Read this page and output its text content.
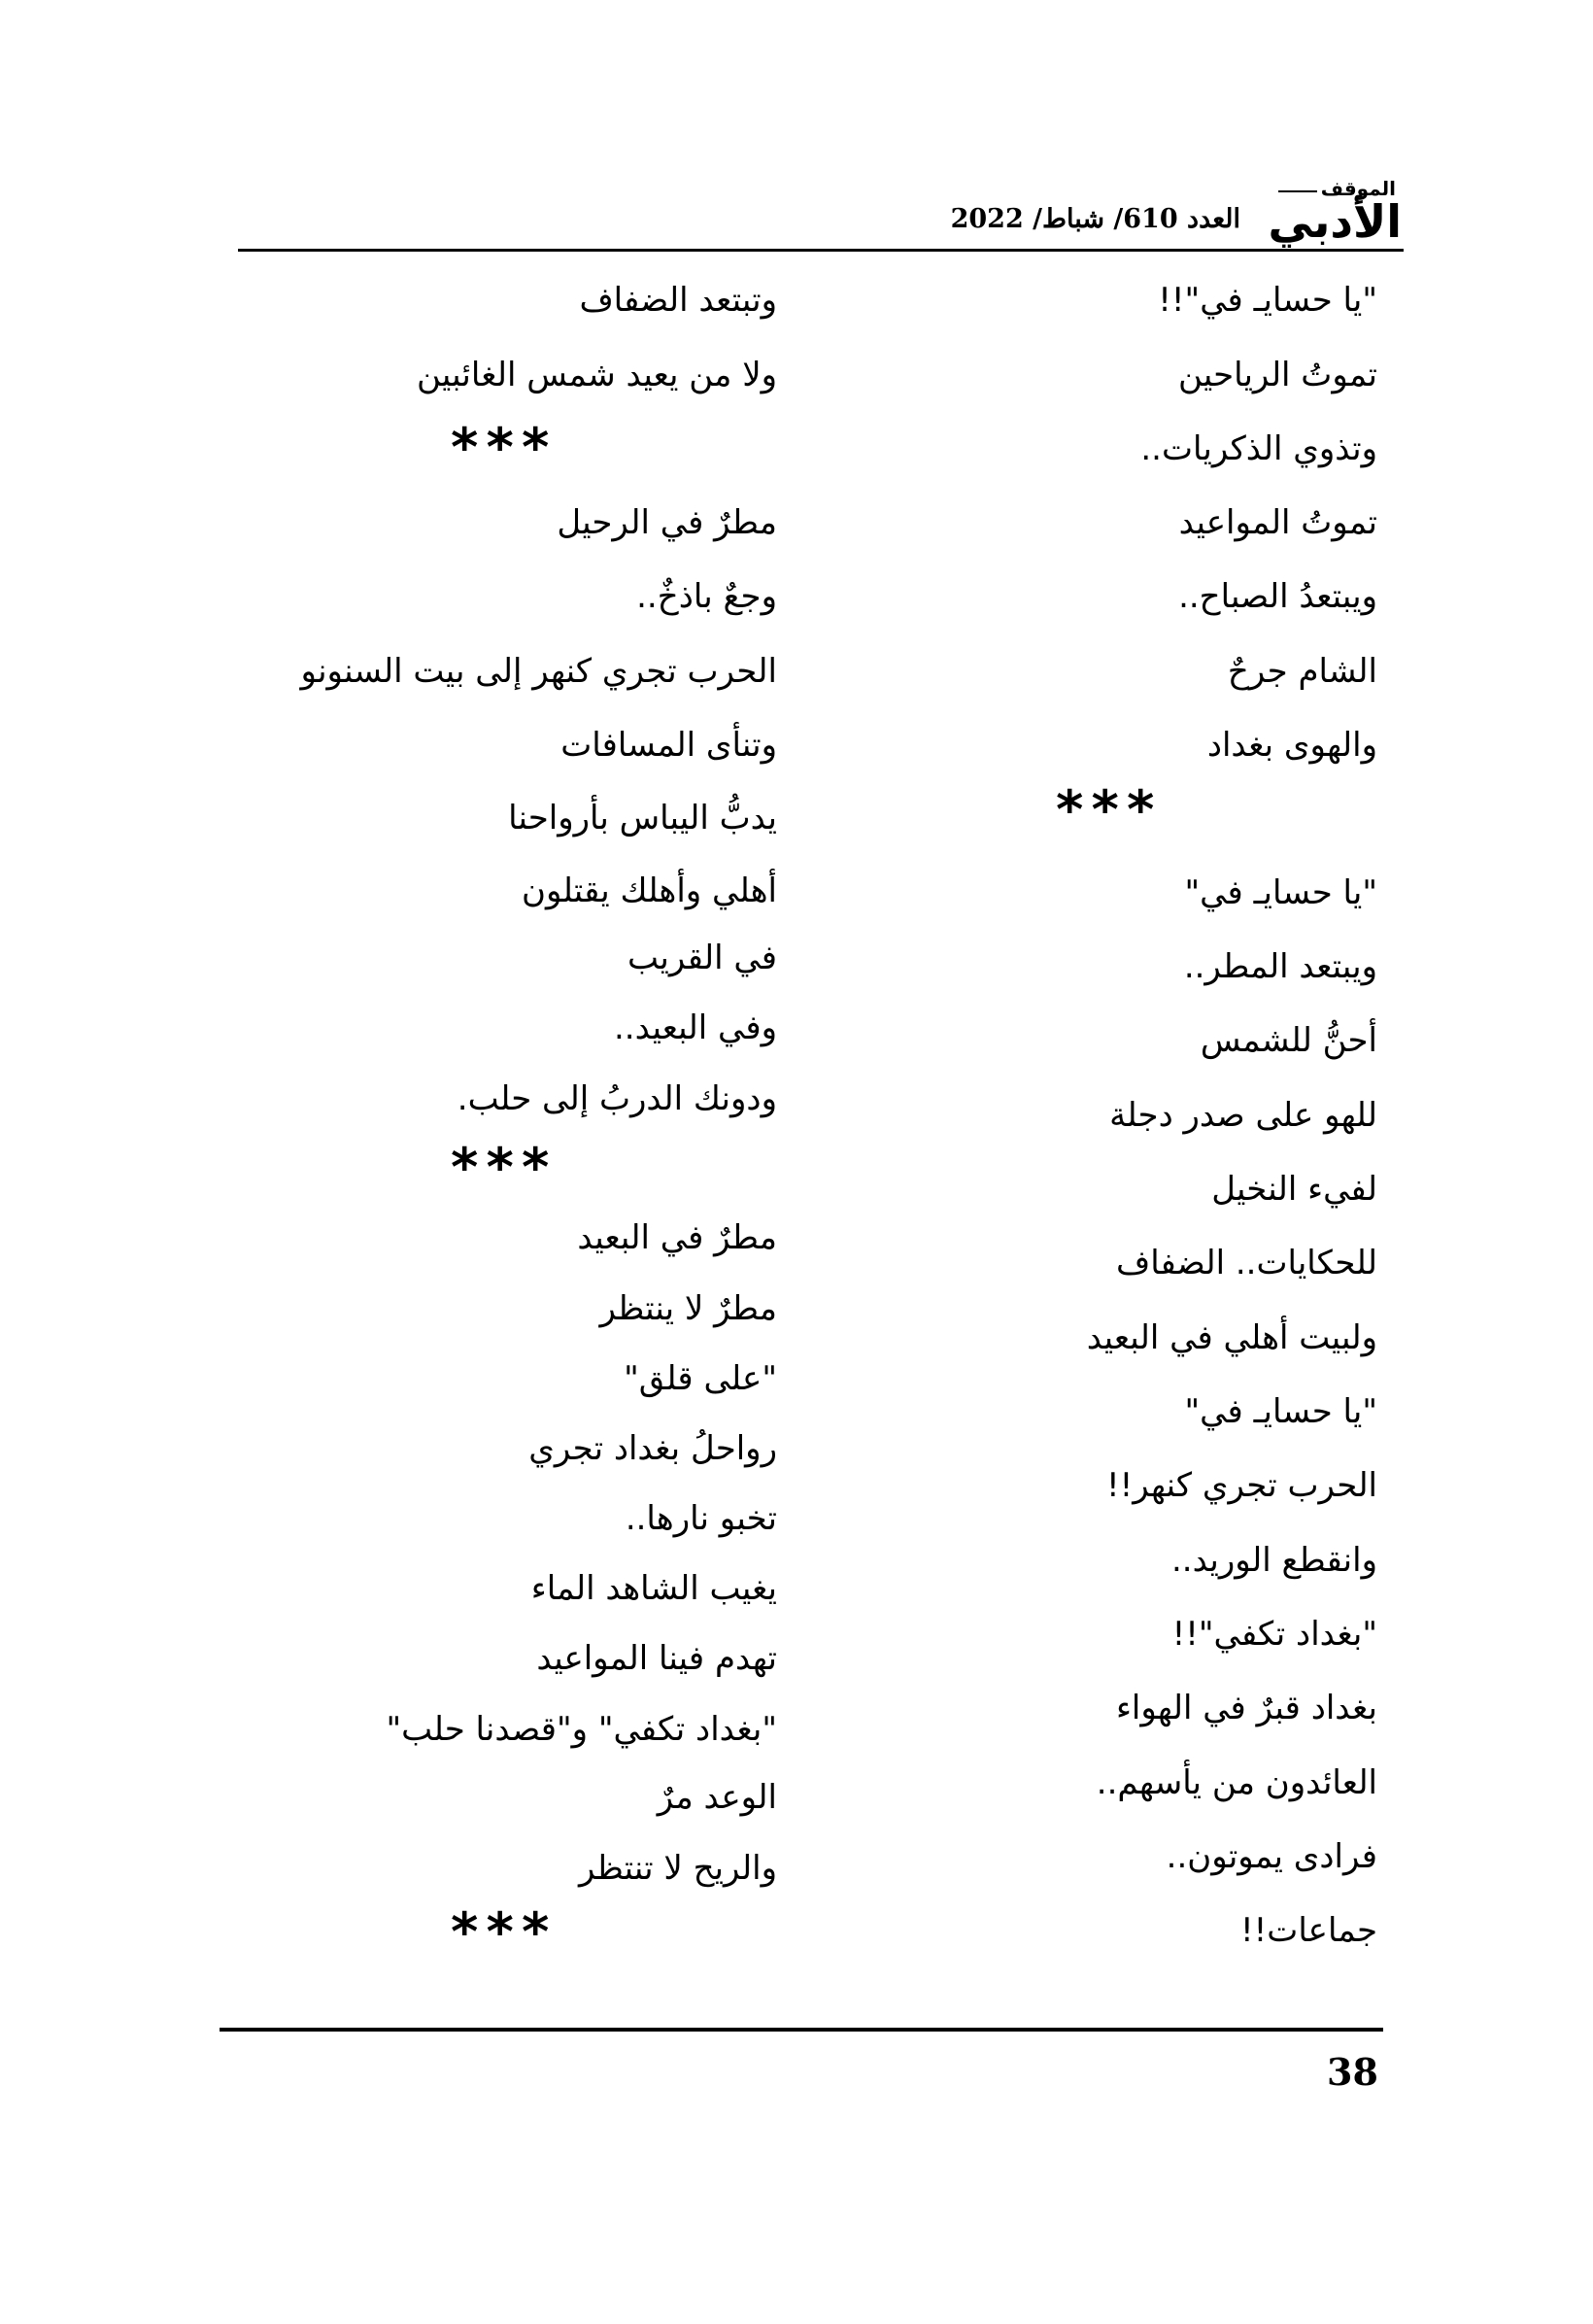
الموقف
الأدبي
العدد 610/ شباط/ 2022
"يا حسايـ في"!!
تموتُ الرياحين
وتذوي الذكريات..
تموتُ المواعيد
ويبتعدُ الصباح..
الشام جرحٌ
والهوى بغداد
***
"يا حسايـ في"
ويبتعد المطر..
أحنُّ للشمس
للهو على صدر دجلة
لفيء النخيل
للحكايات.. الضفاف
ولبيت أهلي في البعيد
"يا حسايـ في"
الحرب تجري كنهر!!
وانقطع الوريد..
"بغداد تكفي"!!
بغداد قبرٌ في الهواء
العائدون من يأسهم..
فرادى يموتون..
جماعات!!
وتبتعد الضفاف
ولا من يعيد شمس الغائبين
***
مطرٌ في الرحيل
وجعٌ باذخٌ..
الحرب تجري كنهر إلى بيت السنونو
وتنأى المسافات
يدبُّ اليباس بأرواحنا
أهلي وأهلك يقتلون
في القريب
وفي البعيد..
ودونك الدربُ إلى حلب.
***
مطرٌ في البعيد
مطرٌ لا ينتظر
"على قلق"
رواحلُ بغداد تجري
تخبو نارها..
يغيب الشاهد الماء
تهدم فينا المواعيد
"بغداد تكفي" و"قصدنا حلب"
الوعد مرٌ
والريح لا تنتظر
***
38
